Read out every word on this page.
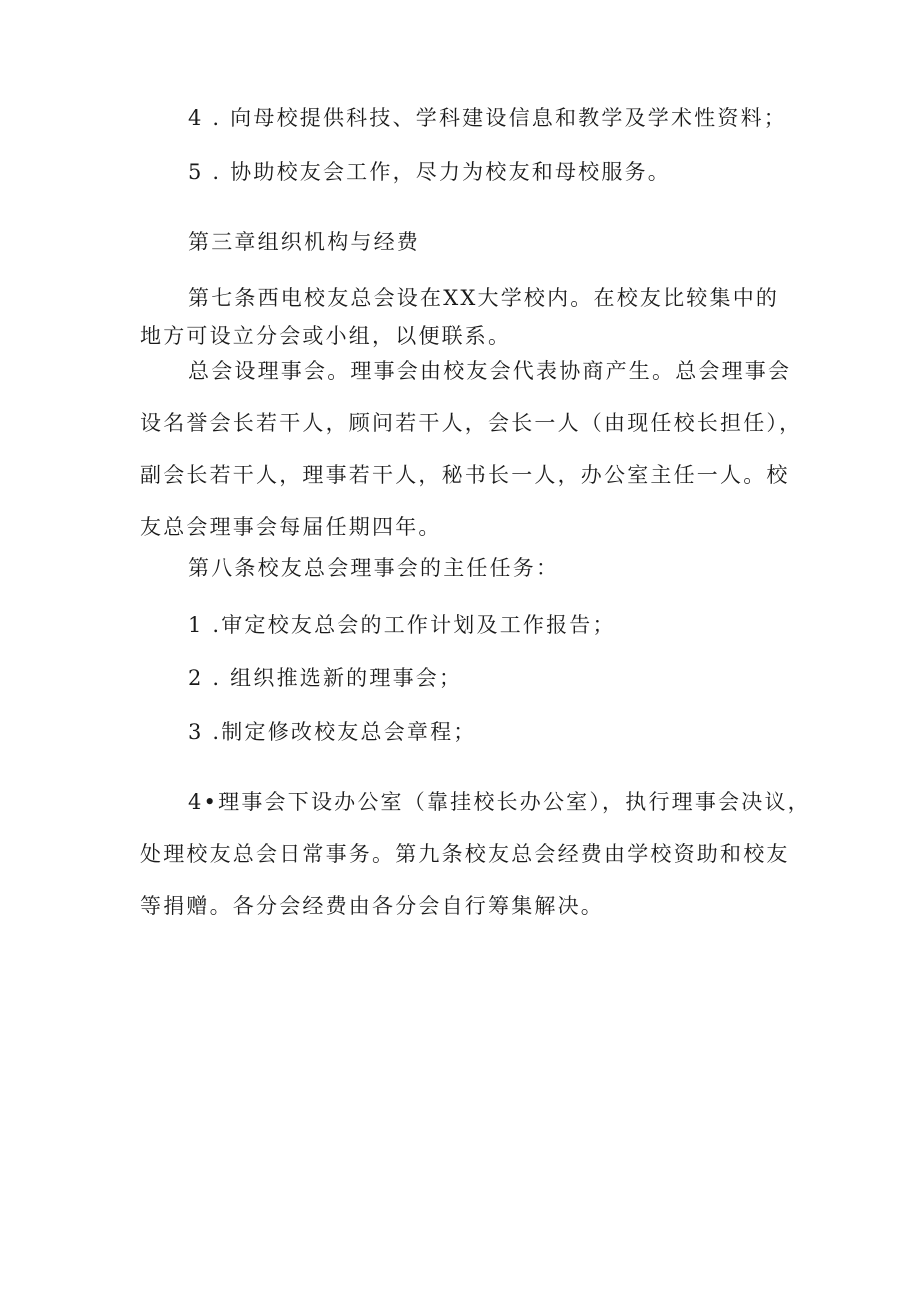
4 . 向母校提供科技、学科建设信息和教学及学术性资料；
5 . 协助校友会工作，尽力为校友和母校服务。
第三章组织机构与经费
第七条西电校友总会设在XX大学校内。在校友比较集中的
地方可设立分会或小组，以便联系。
总会设理事会。理事会由校友会代表协商产生。总会理事会
设名誉会长若干人，顾问若干人，会长一人（由现任校长担任），
副会长若干人，理事若干人，秘书长一人，办公室主任一人。校
友总会理事会每届任期四年。
第八条校友总会理事会的主任任务：
1 .审定校友总会的工作计划及工作报告；
2 . 组织推选新的理事会；
3 .制定修改校友总会章程；
4•理事会下设办公室（靠挂校长办公室），执行理事会决议，
处理校友总会日常事务。第九条校友总会经费由学校资助和校友
等捐赠。各分会经费由各分会自行筹集解决。
